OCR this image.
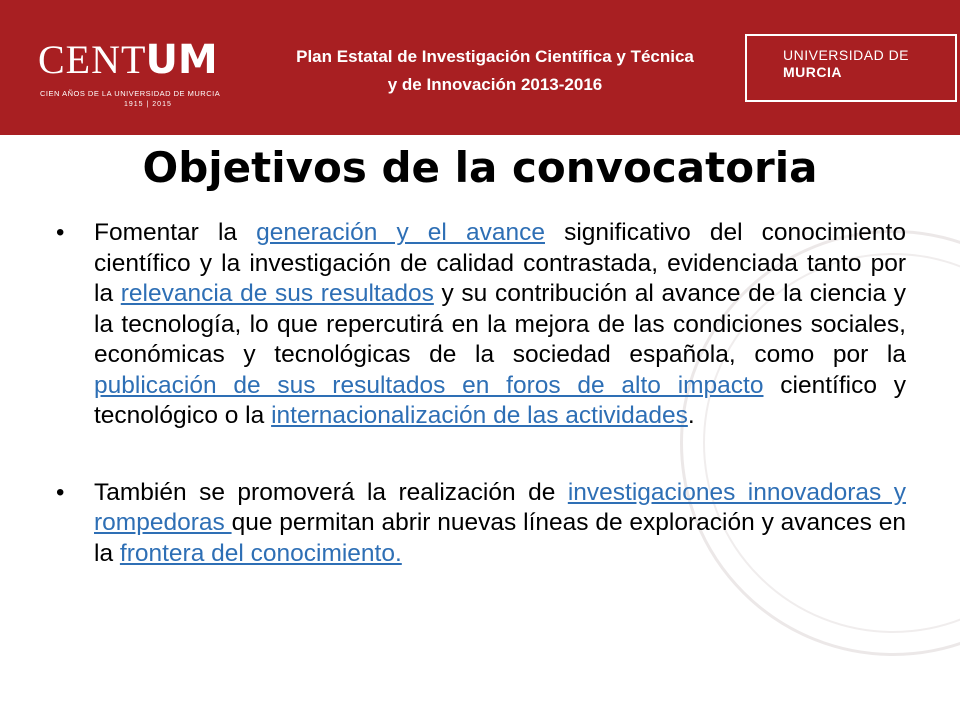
CENTUM
CIEN AÑOS DE LA UNIVERSIDAD DE MURCIA
1915 | 2015
Plan Estatal de Investigación Científica y Técnica
y de Innovación 2013-2016
UNIVERSIDAD DE
MURCIA
Objetivos de la convocatoria
• Fomentar la generación y el avance significativo del conocimiento científico y la investigación de calidad contrastada, evidenciada tanto por la relevancia de sus resultados y su contribución al avance de la ciencia y la tecnología, lo que repercutirá en la mejora de las condiciones sociales, económicas y tecnológicas de la sociedad española, como por la publicación de sus resultados en foros de alto impacto científico y tecnológico o la internacionalización de las actividades.
• También se promoverá la realización de investigaciones innovadoras y rompedoras que permitan abrir nuevas líneas de exploración y avances en la frontera del conocimiento.
